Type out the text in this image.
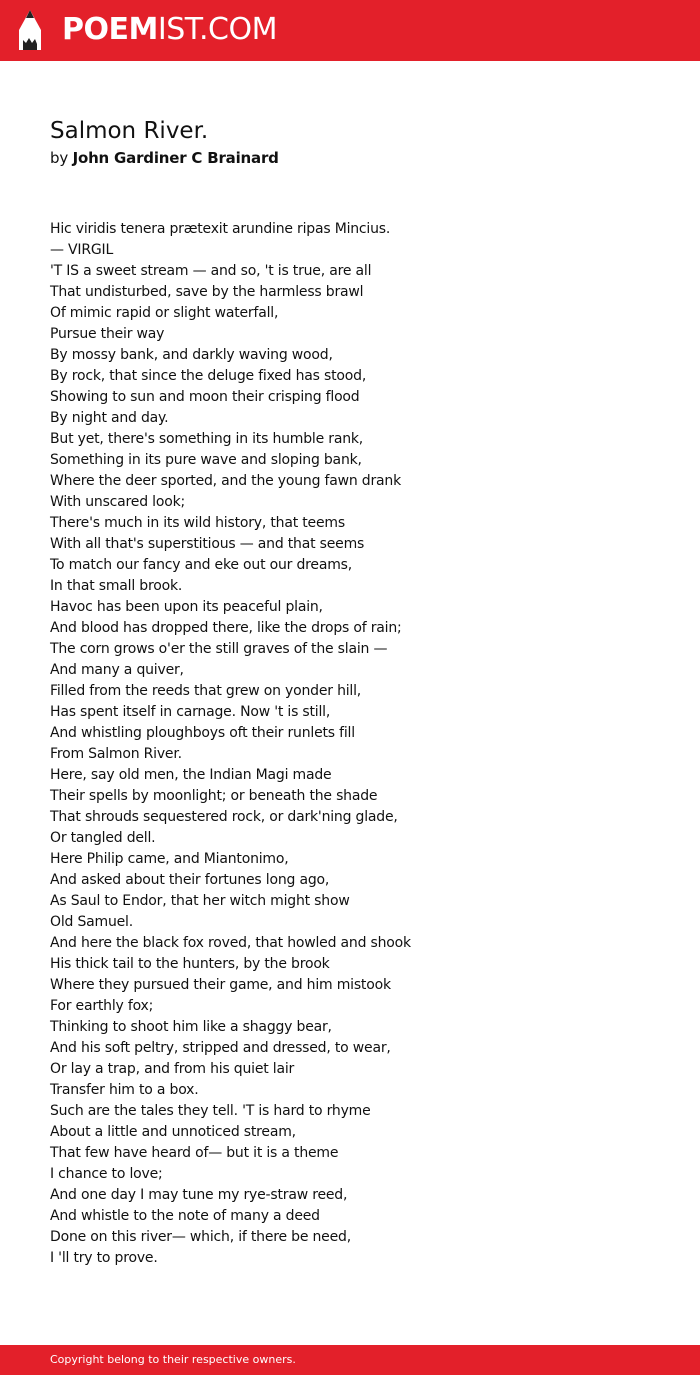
POEMIST.COM
Salmon River.
by John Gardiner C Brainard
Hic viridis tenera prætexit arundine ripas Mincius.
— VIRGIL
'T IS a sweet stream — and so, 't is true, are all
That undisturbed, save by the harmless brawl
Of mimic rapid or slight waterfall,
Pursue their way
By mossy bank, and darkly waving wood,
By rock, that since the deluge fixed has stood,
Showing to sun and moon their crisping flood
By night and day.
But yet, there's something in its humble rank,
Something in its pure wave and sloping bank,
Where the deer sported, and the young fawn drank
With unscared look;
There's much in its wild history, that teems
With all that's superstitious — and that seems
To match our fancy and eke out our dreams,
In that small brook.
Havoc has been upon its peaceful plain,
And blood has dropped there, like the drops of rain;
The corn grows o'er the still graves of the slain —
And many a quiver,
Filled from the reeds that grew on yonder hill,
Has spent itself in carnage. Now 't is still,
And whistling ploughboys oft their runlets fill
From Salmon River.
Here, say old men, the Indian Magi made
Their spells by moonlight; or beneath the shade
That shrouds sequestered rock, or dark'ning glade,
Or tangled dell.
Here Philip came, and Miantonimo,
And asked about their fortunes long ago,
As Saul to Endor, that her witch might show
Old Samuel.
And here the black fox roved, that howled and shook
His thick tail to the hunters, by the brook
Where they pursued their game, and him mistook
For earthly fox;
Thinking to shoot him like a shaggy bear,
And his soft peltry, stripped and dressed, to wear,
Or lay a trap, and from his quiet lair
Transfer him to a box.
Such are the tales they tell. 'T is hard to rhyme
About a little and unnoticed stream,
That few have heard of— but it is a theme
I chance to love;
And one day I may tune my rye-straw reed,
And whistle to the note of many a deed
Done on this river— which, if there be need,
I 'll try to prove.
Copyright belong to their respective owners.
